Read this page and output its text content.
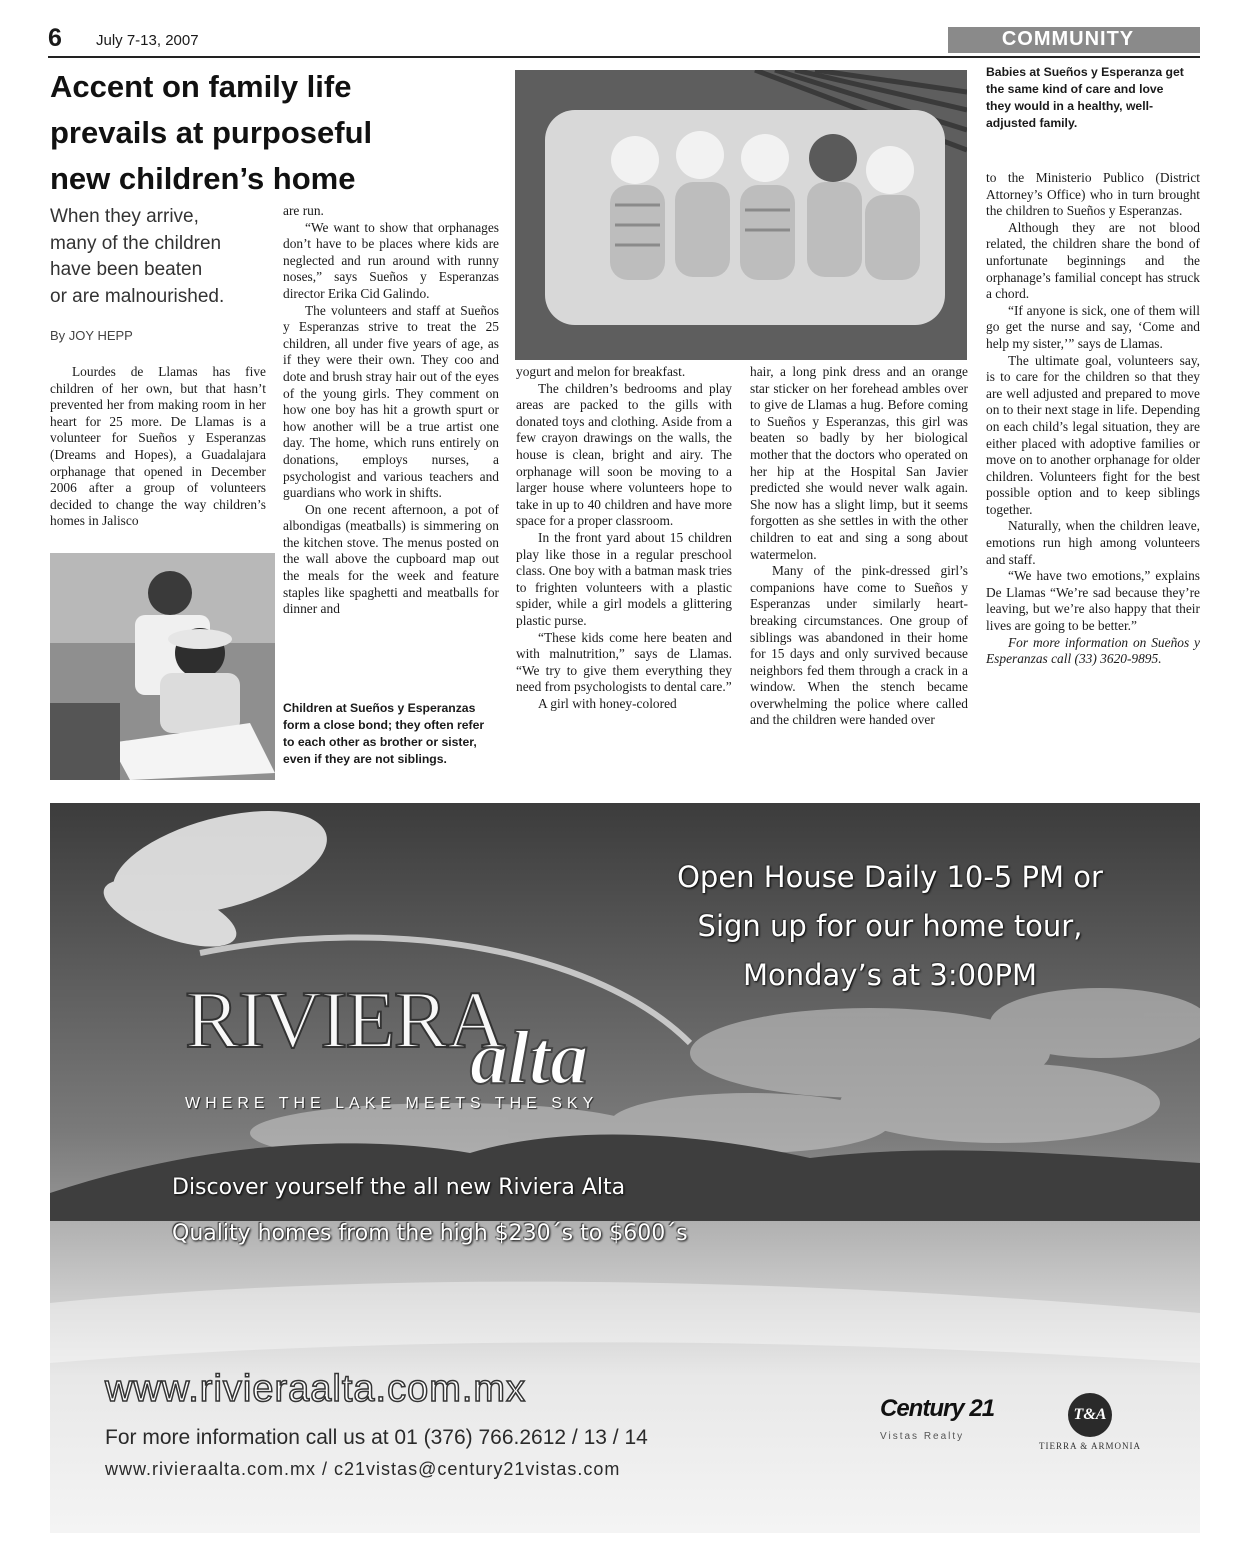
6 July 7-13, 2007	COMMUNITY
Accent on family life
prevails at purposeful
new children’s home
When they arrive,
many of the children
have been beaten
or are malnourished.
By JOY HEPP

Lourdes de Llamas has five children of her own, but that hasn’t prevented her from making room in her heart for 25 more. De Llamas is a volunteer for Sueños y Esperanzas (Dreams and Hopes), a Guadalajara orphanage that opened in December 2006 after a group of volunteers decided to change the way children’s homes in Jalisco

are run.

“We want to show that orphanages don’t have to be places where kids are neglected and run around with runny noses,” says Sueños y Esperanzas director Erika Cid Galindo.

The volunteers and staff at Sueños y Esperanzas strive to treat the 25 children, all under five years of age, as if they were their own. They coo and dote and brush stray hair out of the eyes of the young girls. They comment on how one boy has hit a growth spurt or how another will be a true artist one day. The home, which runs entirely on donations, employs nurses, a psychologist and various teachers and guardians who work in shifts.

On one recent afternoon, a pot of albondigas (meatballs) is simmering on the kitchen stove. The menus posted on the wall above the cupboard map out the meals for the week and feature staples like spaghetti and meatballs for dinner and

Children at Sueños y Esperanzas form a close bond; they often refer to each other as brother or sister, even if they are not siblings.
Babies at Sueños y Esperanza get the same kind of care and love they would in a healthy, well-adjusted family.

yogurt and melon for breakfast.

The children’s bedrooms and play areas are packed to the gills with donated toys and clothing. Aside from a few crayon drawings on the walls, the house is clean, bright and airy. The orphanage will soon be moving to a larger house where volunteers hope to take in up to 40 children and have more space for a proper classroom.

In the front yard about 15 children play like those in a regular preschool class. One boy with a batman mask tries to frighten volunteers with a plastic spider, while a girl models a glittering plastic purse.

“These kids come here beaten and with malnutrition,” says de Llamas. “We try to give them everything they need from psychologists to dental care.”

A girl with honey-colored

hair, a long pink dress and an orange star sticker on her forehead ambles over to give de Llamas a hug. Before coming to Sueños y Esperanzas, this girl was beaten so badly by her biological mother that the doctors who operated on her hip at the Hospital San Javier predicted she would never walk again. She now has a slight limp, but it seems forgotten as she settles in with the other children to eat and sing a song about watermelon.

Many of the pink-dressed girl’s companions have come to Sueños y Esperanzas under similarly heart-breaking circumstances. One group of siblings was abandoned in their home for 15 days and only survived because neighbors fed them through a crack in a window. When the stench became overwhelming the police where called and the children were handed over

to the Ministerio Publico (District Attorney’s Office) who in turn brought the children to Sueños y Esperanzas.

Although they are not blood related, the children share the bond of unfortunate beginnings and the orphanage’s familial concept has struck a chord.

“If anyone is sick, one of them will go get the nurse and say, ‘Come and help my sister,’” says de Llamas.

The ultimate goal, volunteers say, is to care for the children so that they are well adjusted and prepared to move on to their next stage in life. Depending on each child’s legal situation, they are either placed with adoptive families or move on to another orphanage for older children. Volunteers fight for the best possible option and to keep siblings together.

Naturally, when the children leave, emotions run high among volunteers and staff.

“We have two emotions,” explains De Llamas “We’re sad because they’re leaving, but we’re also happy that their lives are going to be better.”

For more information on Sueños y Esperanzas call (33) 3620-9895.

Open House Daily 10-5 PM or
Sign up for our home tour,
Monday’s at 3:00PM
RIVIERA
alta
WHERE THE LAKE MEETS THE SKY
Discover yourself the all new Riviera Alta
Quality homes from the high $230´s to $600´s
www.rivieraalta.com.mx
For more information call us at 01 (376) 766.2612 / 13 / 14
www.rivieraalta.com.mx / c21vistas@century21vistas.com
Century 21
Vistas Realty
T&A
TIERRA & ARMONIA
